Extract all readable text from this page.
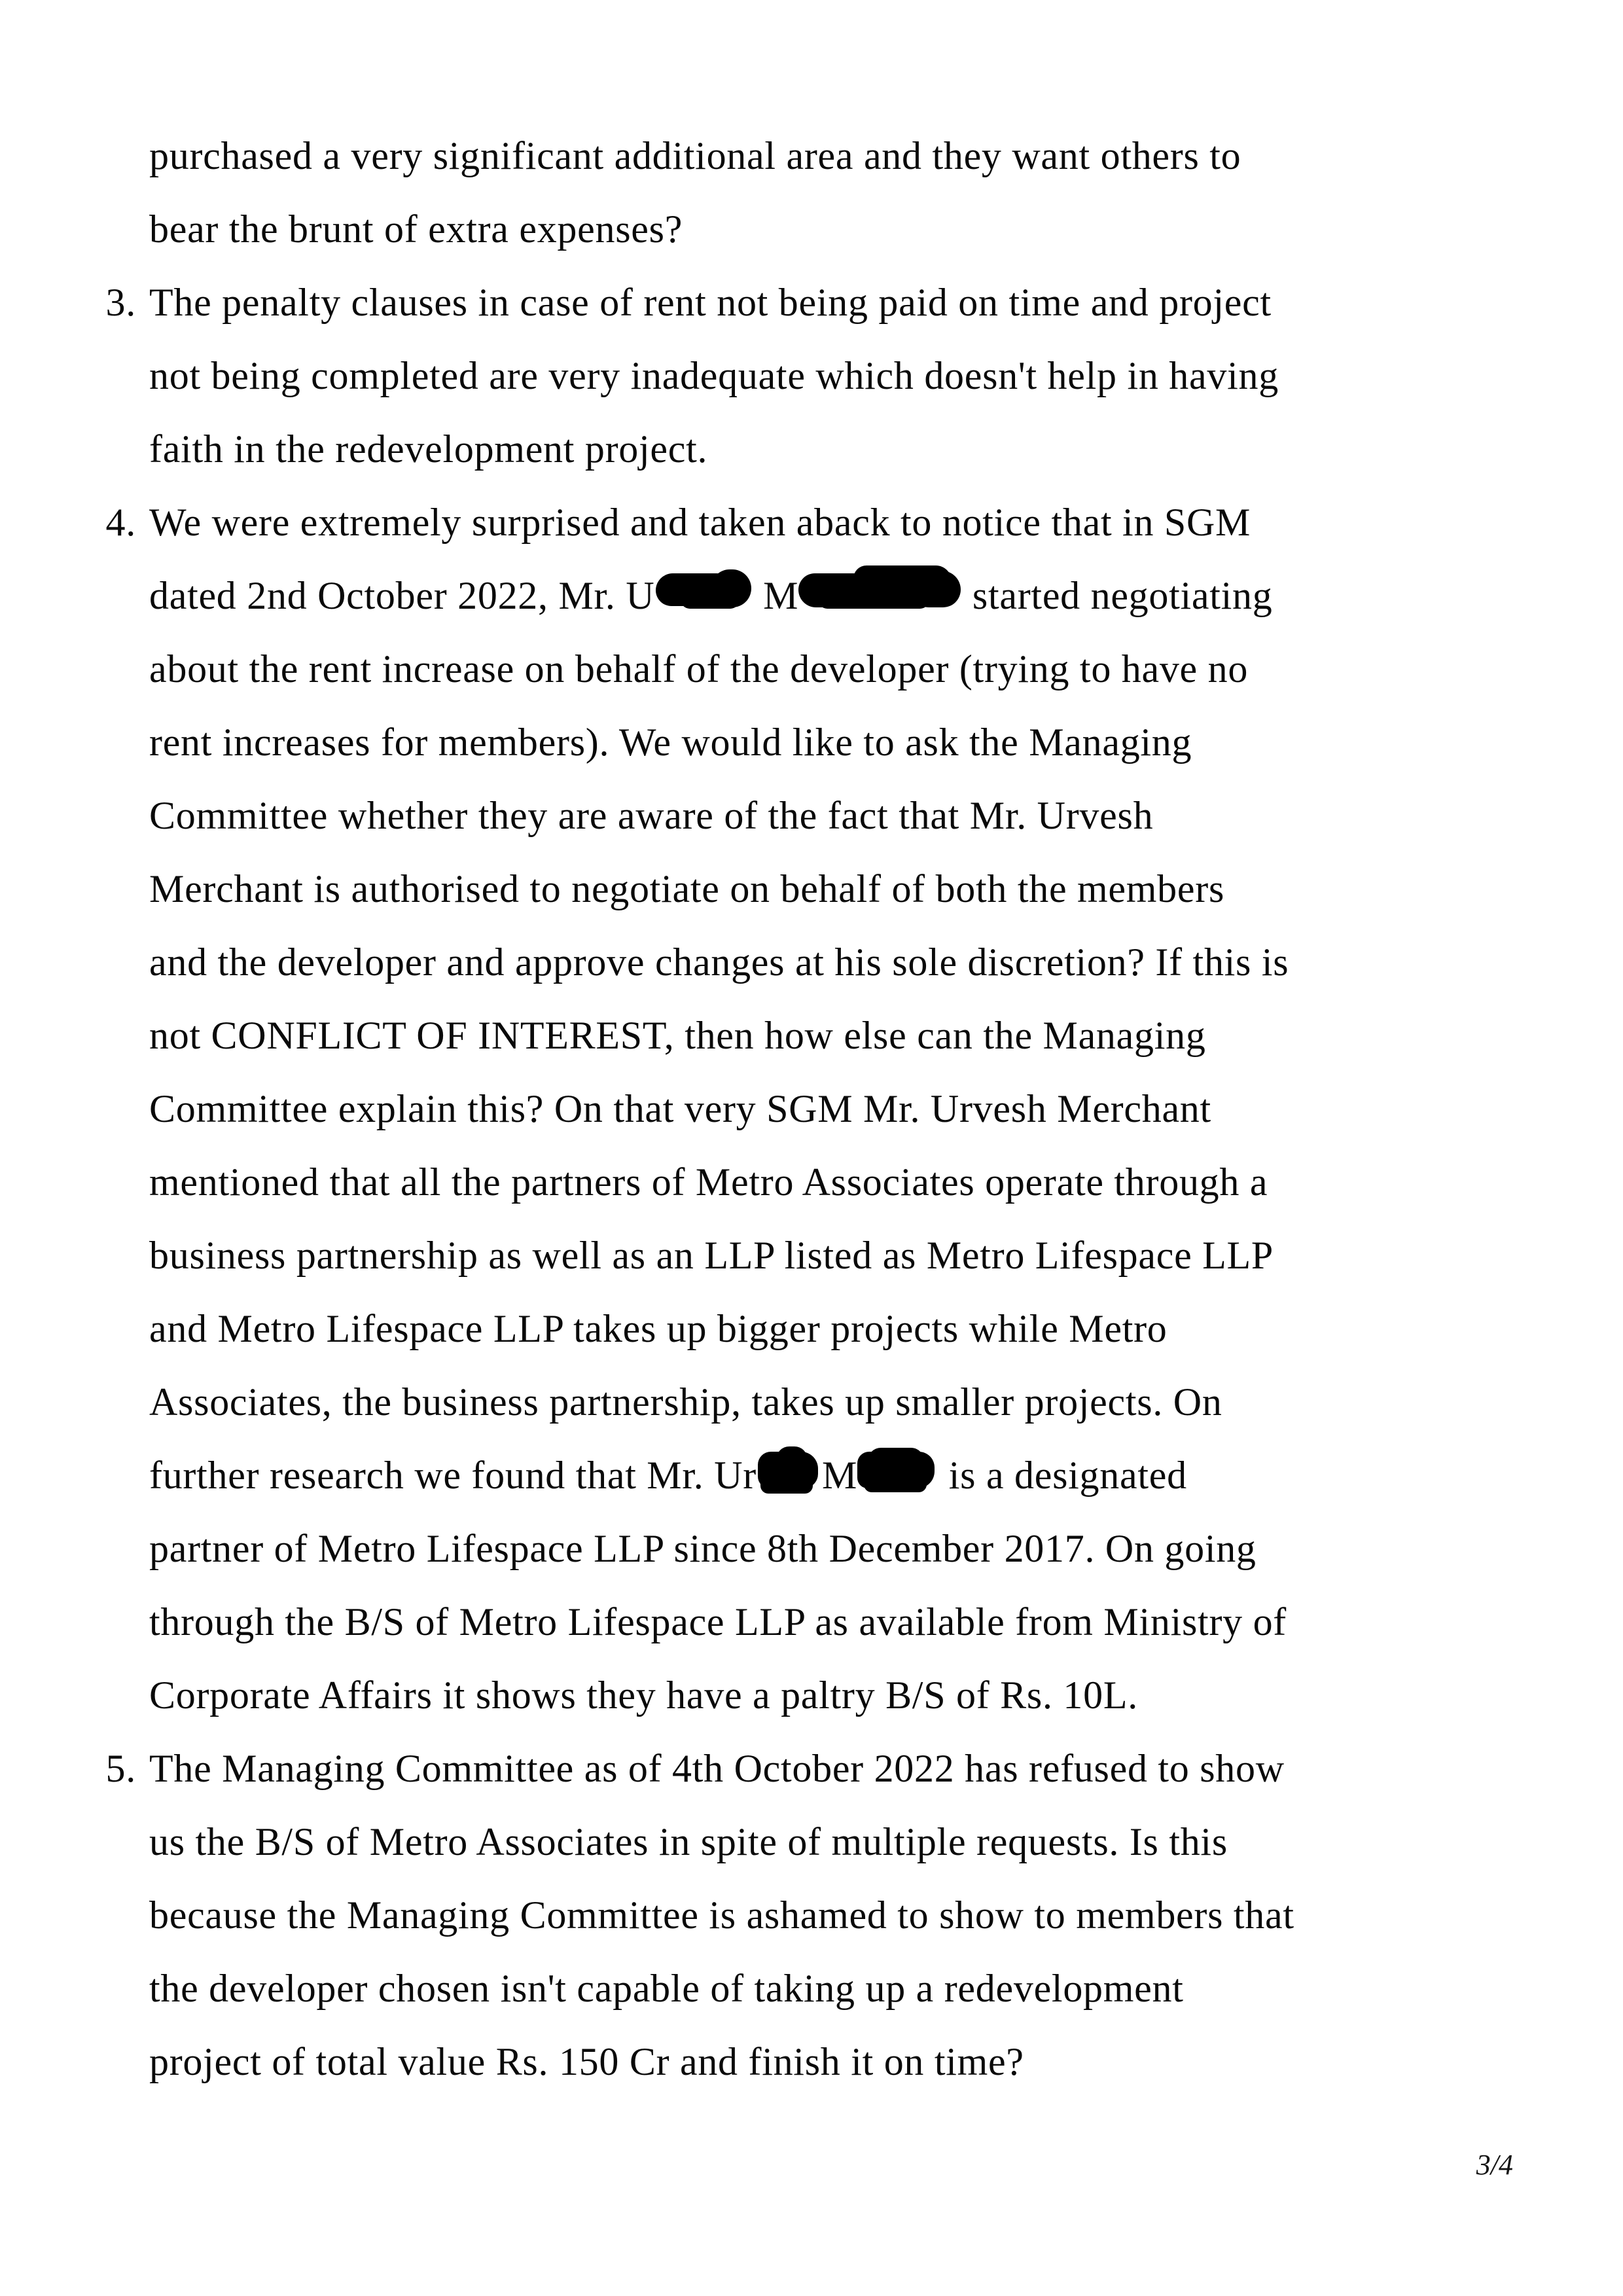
purchased a very significant additional area and they want others to
bear the brunt of extra expenses?
3. The penalty clauses in case of rent not being paid on time and project
not being completed are very inadequate which doesn't help in having
faith in the redevelopment project.
4. We were extremely surprised and taken aback to notice that in SGM
dated 2nd October 2022, Mr. U	M	started negotiating
about the rent increase on behalf of the developer (trying to have no
rent increases for members). We would like to ask the Managing
Committee whether they are aware of the fact that Mr. Urvesh
Merchant is authorised to negotiate on behalf of both the members
and the developer and approve changes at his sole discretion? If this is
not CONFLICT OF INTEREST, then how else can the Managing
Committee explain this? On that very SGM Mr. Urvesh Merchant
mentioned that all the partners of Metro Associates operate through a
business partnership as well as an LLP listed as Metro Lifespace LLP
and Metro Lifespace LLP takes up bigger projects while Metro
Associates, the business partnership, takes up smaller projects. On
further research we found that Mr. Ur M
is a designated
partner of Metro Lifespace LLP since 8th December 2017. On going
through the B/S of Metro Lifespace LLP as available from Ministry of
Corporate Affairs it shows they have a paltry B/S of Rs. 10L.
5. The Managing Committee as of 4th October 2022 has refused to show
us the B/S of Metro Associates in spite of multiple requests. Is this
because the Managing Committee is ashamed to show to members that
the developer chosen isn't capable of taking up a redevelopment
project of total value Rs. 150 Cr and finish it on time?
3/4
